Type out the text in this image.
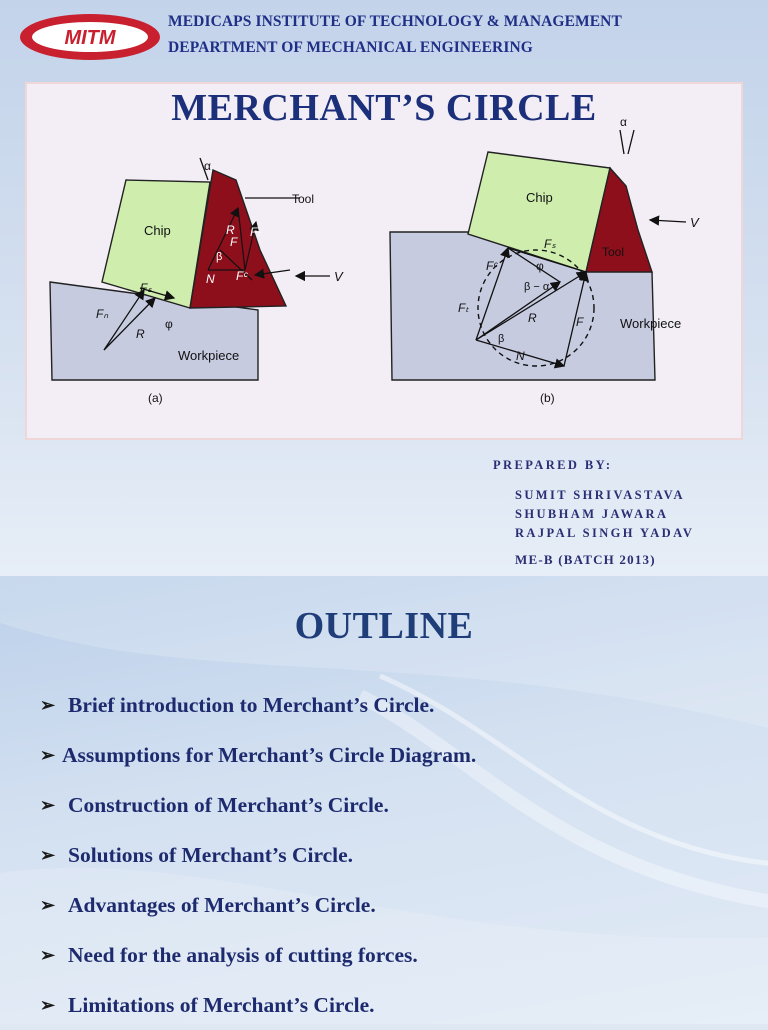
MITM
MEDICAPS INSTITUTE OF TECHNOLOGY & MANAGEMENT
DEPARTMENT OF MECHANICAL ENGINEERING
MERCHANT’S CIRCLE
Chip
Tool
Workpiece
V
α
φ
β
R
F
Fₜ
Fᶜ
N
Fₛ
Fₙ
R
(a)
Chip
Tool
Workpiece
V
α
φ
β − α
β
R	F
Fₜ
Fᶜ
N
Fₛ
(b)
PREPARED BY:
SUMIT SHRIVASTAVA
SHUBHAM JAWARA
RAJPAL SINGH YADAV
ME-B (BATCH 2013)
OUTLINE
➢ Brief introduction to Merchant’s Circle.
➢ Assumptions for Merchant’s Circle Diagram.
➢ Construction of Merchant’s Circle.
➢ Solutions of Merchant’s Circle.
➢ Advantages of Merchant’s Circle.
➢ Need for the analysis of cutting forces.
➢ Limitations of Merchant’s Circle.
